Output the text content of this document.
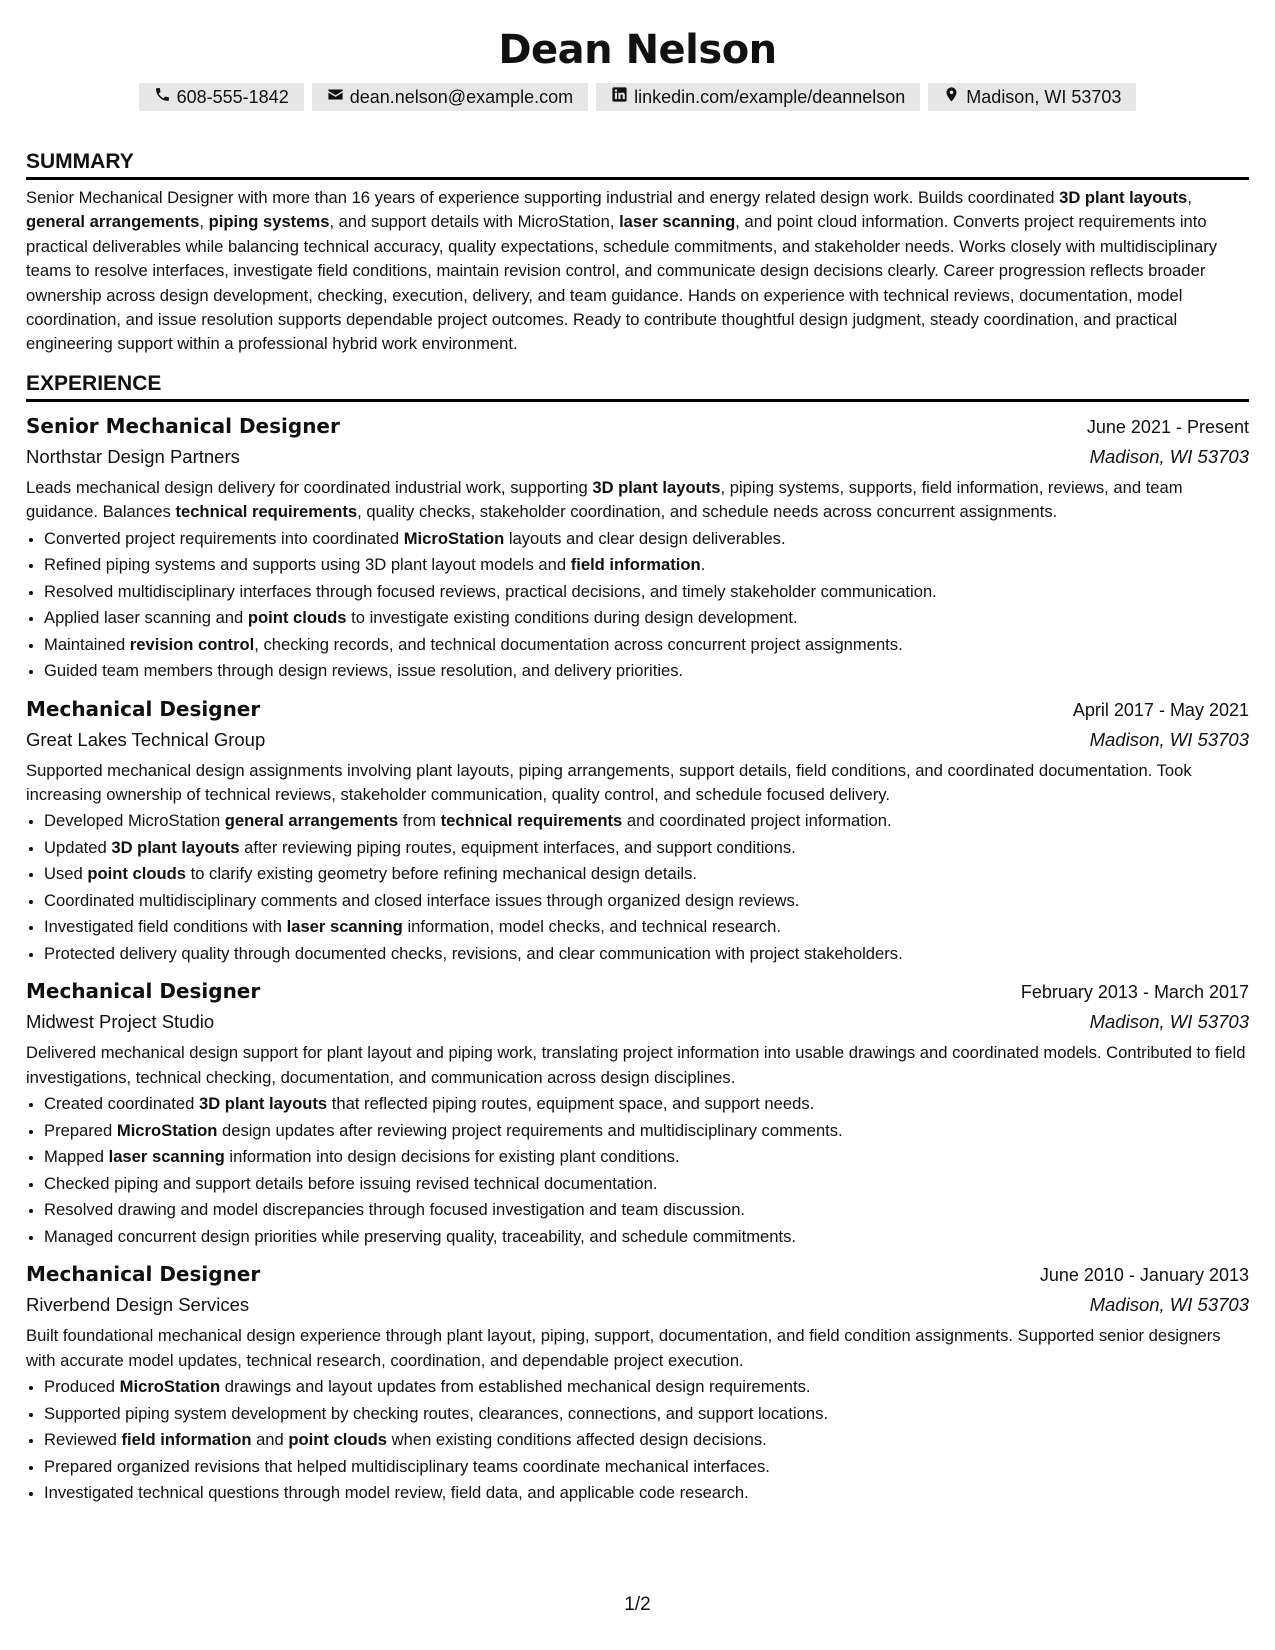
Dean Nelson
608-555-1842	dean.nelson@example.com	linkedin.com/example/deannelson	Madison, WI 53703
SUMMARY
Senior Mechanical Designer with more than 16 years of experience supporting industrial and energy related design work. Builds coordinated 3D plant layouts, general arrangements, piping systems, and support details with MicroStation, laser scanning, and point cloud information. Converts project requirements into practical deliverables while balancing technical accuracy, quality expectations, schedule commitments, and stakeholder needs. Works closely with multidisciplinary teams to resolve interfaces, investigate field conditions, maintain revision control, and communicate design decisions clearly. Career progression reflects broader ownership across design development, checking, execution, delivery, and team guidance. Hands on experience with technical reviews, documentation, model coordination, and issue resolution supports dependable project outcomes. Ready to contribute thoughtful design judgment, steady coordination, and practical engineering support within a professional hybrid work environment.
EXPERIENCE
Senior Mechanical Designer	June 2021 - Present
Northstar Design Partners	Madison, WI 53703
Leads mechanical design delivery for coordinated industrial work, supporting 3D plant layouts, piping systems, supports, field information, reviews, and team guidance. Balances technical requirements, quality checks, stakeholder coordination, and schedule needs across concurrent assignments.
• Converted project requirements into coordinated MicroStation layouts and clear design deliverables.
• Refined piping systems and supports using 3D plant layout models and field information.
• Resolved multidisciplinary interfaces through focused reviews, practical decisions, and timely stakeholder communication.
• Applied laser scanning and point clouds to investigate existing conditions during design development.
• Maintained revision control, checking records, and technical documentation across concurrent project assignments.
• Guided team members through design reviews, issue resolution, and delivery priorities.
Mechanical Designer	April 2017 - May 2021
Great Lakes Technical Group	Madison, WI 53703
Supported mechanical design assignments involving plant layouts, piping arrangements, support details, field conditions, and coordinated documentation. Took increasing ownership of technical reviews, stakeholder communication, quality control, and schedule focused delivery.
• Developed MicroStation general arrangements from technical requirements and coordinated project information.
• Updated 3D plant layouts after reviewing piping routes, equipment interfaces, and support conditions.
• Used point clouds to clarify existing geometry before refining mechanical design details.
• Coordinated multidisciplinary comments and closed interface issues through organized design reviews.
• Investigated field conditions with laser scanning information, model checks, and technical research.
• Protected delivery quality through documented checks, revisions, and clear communication with project stakeholders.
Mechanical Designer	February 2013 - March 2017
Midwest Project Studio	Madison, WI 53703
Delivered mechanical design support for plant layout and piping work, translating project information into usable drawings and coordinated models. Contributed to field investigations, technical checking, documentation, and communication across design disciplines.
• Created coordinated 3D plant layouts that reflected piping routes, equipment space, and support needs.
• Prepared MicroStation design updates after reviewing project requirements and multidisciplinary comments.
• Mapped laser scanning information into design decisions for existing plant conditions.
• Checked piping and support details before issuing revised technical documentation.
• Resolved drawing and model discrepancies through focused investigation and team discussion.
• Managed concurrent design priorities while preserving quality, traceability, and schedule commitments.
Mechanical Designer	June 2010 - January 2013
Riverbend Design Services	Madison, WI 53703
Built foundational mechanical design experience through plant layout, piping, support, documentation, and field condition assignments. Supported senior designers with accurate model updates, technical research, coordination, and dependable project execution.
• Produced MicroStation drawings and layout updates from established mechanical design requirements.
• Supported piping system development by checking routes, clearances, connections, and support locations.
• Reviewed field information and point clouds when existing conditions affected design decisions.
• Prepared organized revisions that helped multidisciplinary teams coordinate mechanical interfaces.
• Investigated technical questions through model review, field data, and applicable code research.
1/2
